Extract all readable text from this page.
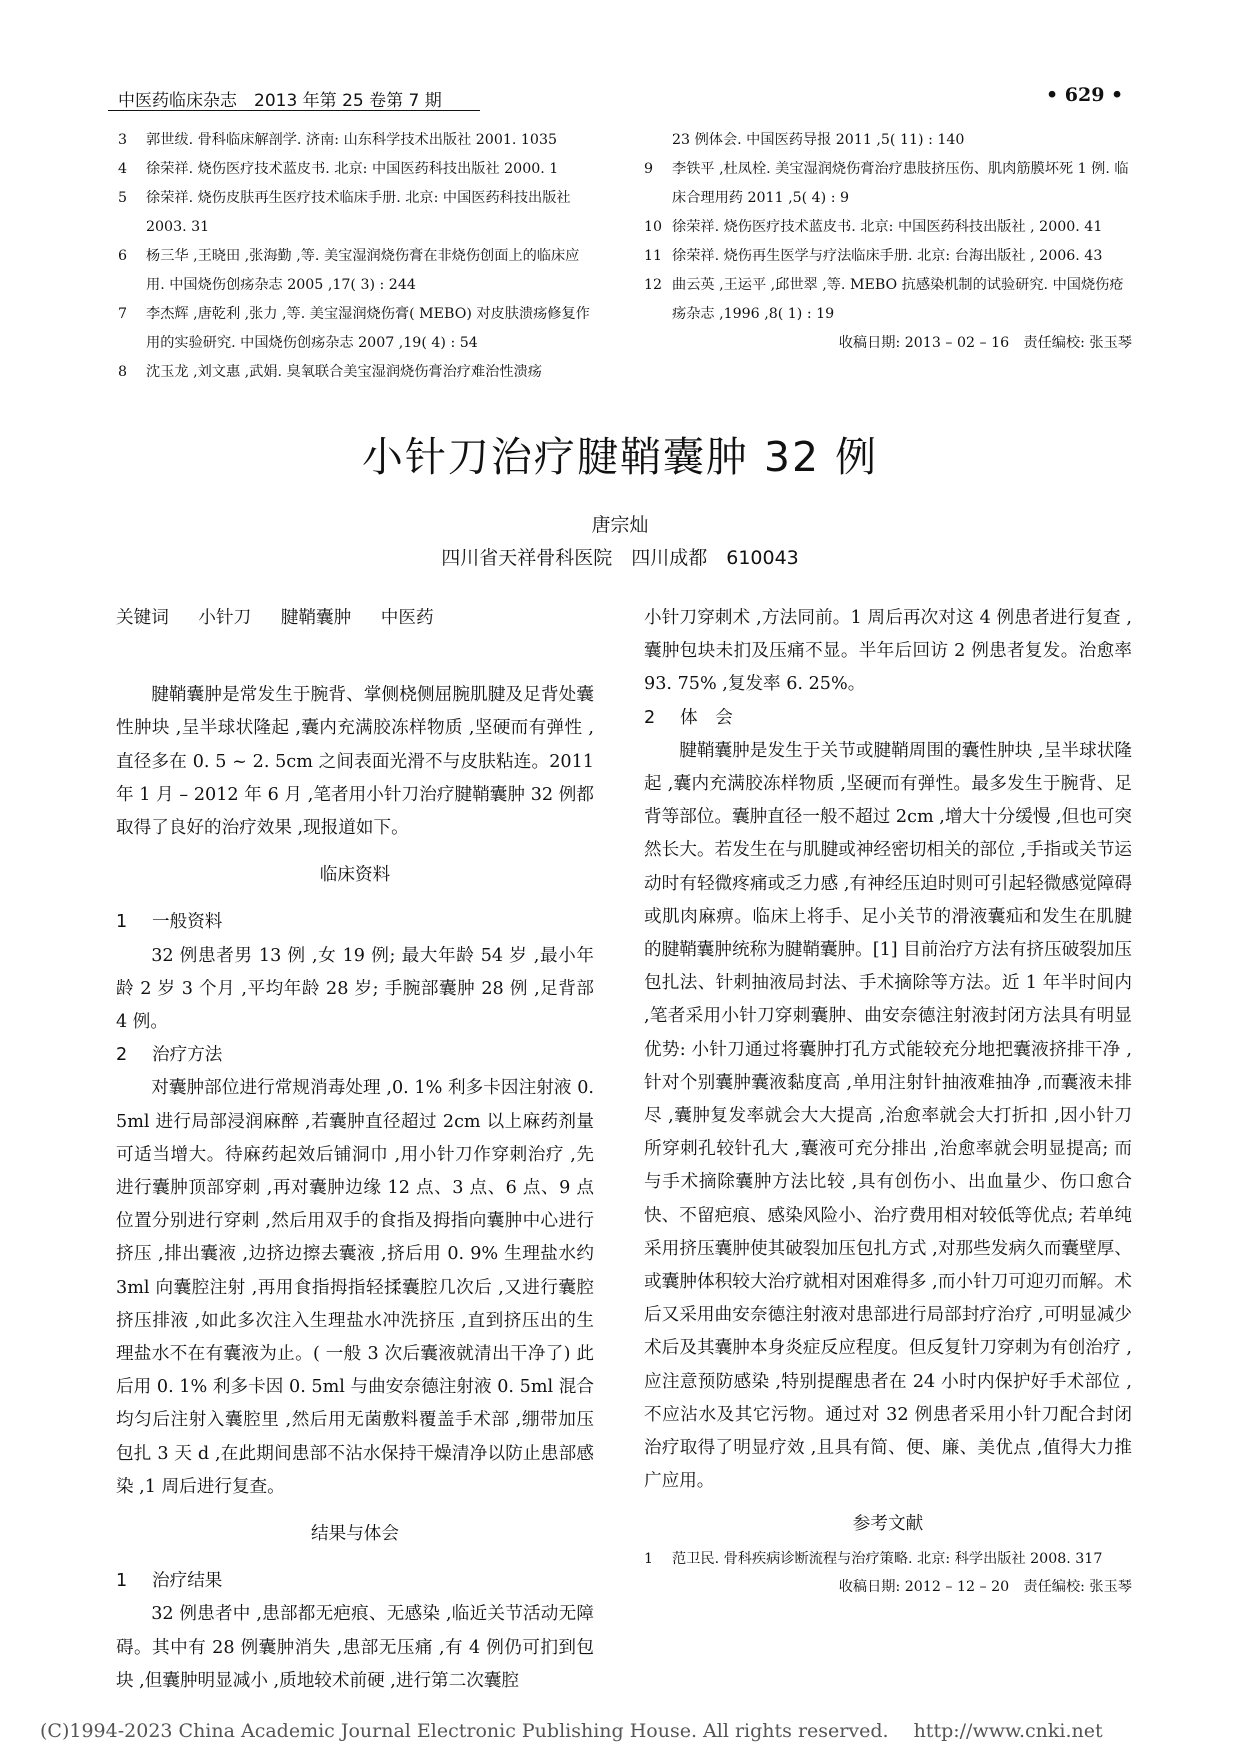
中医药临床杂志　2013 年第 25 卷第 7 期	• 629 •
3	郭世绂. 骨科临床解剖学. 济南: 山东科学技术出版社 2001. 1035
4	徐荣祥. 烧伤医疗技术蓝皮书. 北京: 中国医药科技出版社 2000. 1
5	徐荣祥. 烧伤皮肤再生医疗技术临床手册. 北京: 中国医药科技出版社 2003. 31
6	杨三华 ,王晓田 ,张海勤 ,等. 美宝湿润烧伤膏在非烧伤创面上的临床应用. 中国烧伤创疡杂志 2005 ,17( 3) : 244
7	李杰辉 ,唐乾利 ,张力 ,等. 美宝湿润烧伤膏( MEBO) 对皮肤溃疡修复作用的实验研究. 中国烧伤创疡杂志 2007 ,19( 4) : 54
8	沈玉龙 ,刘文惠 ,武娟. 臭氧联合美宝湿润烧伤膏治疗难治性溃疡
23 例体会. 中国医药导报 2011 ,5( 11) : 140
9	李铁平 ,杜凤栓. 美宝湿润烧伤膏治疗患肢挤压伤、肌肉筋膜坏死 1 例. 临床合理用药 2011 ,5( 4) : 9
10 徐荣祥. 烧伤医疗技术蓝皮书. 北京: 中国医药科技出版社 , 2000. 41
11 徐荣祥. 烧伤再生医学与疗法临床手册. 北京: 台海出版社 , 2006. 43
12 曲云英 ,王运平 ,邱世翠 ,等. MEBO 抗感染机制的试验研究. 中国烧伤疮疡杂志 ,1996 ,8( 1) : 19
收稿日期: 2013 – 02 – 16　责任编校: 张玉琴
小针刀治疗腱鞘囊肿 32 例
唐宗灿
四川省天祥骨科医院　四川成都　610043
关键词 小针刀 腱鞘囊肿 中医药

腱鞘囊肿是常发生于腕背、掌侧桡侧屈腕肌腱及足背处囊性肿块 ,呈半球状隆起 ,囊内充满胶冻样物质 ,坚硬而有弹性 ,直径多在 0. 5 ~ 2. 5cm 之间表面光滑不与皮肤粘连。2011 年 1 月 – 2012 年 6 月 ,笔者用小针刀治疗腱鞘囊肿 32 例都取得了良好的治疗效果 ,现报道如下。

临床资料
1 一般资料

32 例患者男 13 例 ,女 19 例; 最大年龄 54 岁 ,最小年龄 2 岁 3 个月 ,平均年龄 28 岁; 手腕部囊肿 28 例 ,足背部 4 例。

2 治疗方法

对囊肿部位进行常规消毒处理 ,0. 1% 利多卡因注射液 0. 5ml 进行局部浸润麻醉 ,若囊肿直径超过 2cm 以上麻药剂量可适当增大。待麻药起效后铺洞巾 ,用小针刀作穿刺治疗 ,先进行囊肿顶部穿刺 ,再对囊肿边缘 12 点、3 点、6 点、9 点位置分别进行穿刺 ,然后用双手的食指及拇指向囊肿中心进行挤压 ,排出囊液 ,边挤边擦去囊液 ,挤后用 0. 9% 生理盐水约 3ml 向囊腔注射 ,再用食指拇指轻揉囊腔几次后 ,又进行囊腔挤压排液 ,如此多次注入生理盐水冲洗挤压 ,直到挤压出的生理盐水不在有囊液为止。( 一般 3 次后囊液就清出干净了) 此后用 0. 1% 利多卡因 0. 5ml 与曲安奈德注射液 0. 5ml 混合均匀后注射入囊腔里 ,然后用无菌敷料覆盖手术部 ,绷带加压包扎 3 天 d ,在此期间患部不沾水保持干燥清净以防止患部感染 ,1 周后进行复查。

结果与体会
1 治疗结果

32 例患者中 ,患部都无疤痕、无感染 ,临近关节活动无障碍。其中有 28 例囊肿消失 ,患部无压痛 ,有 4 例仍可扪到包块 ,但囊肿明显减小 ,质地较术前硬 ,进行第二次囊腔

小针刀穿刺术 ,方法同前。1 周后再次对这 4 例患者进行复查 ,囊肿包块未扪及压痛不显。半年后回访 2 例患者复发。治愈率 93. 75% ,复发率 6. 25%。

2 体　会

腱鞘囊肿是发生于关节或腱鞘周围的囊性肿块 ,呈半球状隆起 ,囊内充满胶冻样物质 ,坚硬而有弹性。最多发生于腕背、足背等部位。囊肿直径一般不超过 2cm ,增大十分缓慢 ,但也可突然长大。若发生在与肌腱或神经密切相关的部位 ,手指或关节运动时有轻微疼痛或乏力感 ,有神经压迫时则可引起轻微感觉障碍或肌肉麻痹。临床上将手、足小关节的滑液囊疝和发生在肌腱的腱鞘囊肿统称为腱鞘囊肿。[1] 目前治疗方法有挤压破裂加压包扎法、针刺抽液局封法、手术摘除等方法。近 1 年半时间内 ,笔者采用小针刀穿刺囊肿、曲安奈德注射液封闭方法具有明显优势: 小针刀通过将囊肿打孔方式能较充分地把囊液挤排干净 ,针对个别囊肿囊液黏度高 ,单用注射针抽液难抽净 ,而囊液未排尽 ,囊肿复发率就会大大提高 ,治愈率就会大打折扣 ,因小针刀所穿刺孔较针孔大 ,囊液可充分排出 ,治愈率就会明显提高; 而与手术摘除囊肿方法比较 ,具有创伤小、出血量少、伤口愈合快、不留疤痕、感染风险小、治疗费用相对较低等优点; 若单纯采用挤压囊肿使其破裂加压包扎方式 ,对那些发病久而囊壁厚、或囊肿体积较大治疗就相对困难得多 ,而小针刀可迎刃而解。术后又采用曲安奈德注射液对患部进行局部封疗治疗 ,可明显减少术后及其囊肿本身炎症反应程度。但反复针刀穿刺为有创治疗 ,应注意预防感染 ,特别提醒患者在 24 小时内保护好手术部位 ,不应沾水及其它污物。通过对 32 例患者采用小针刀配合封闭治疗取得了明显疗效 ,且具有简、便、廉、美优点 ,值得大力推广应用。

参考文献
1	范卫民. 骨科疾病诊断流程与治疗策略. 北京: 科学出版社 2008. 317
收稿日期: 2012 – 12 – 20　责任编校: 张玉琴
(C)1994-2023 China Academic Journal Electronic Publishing House. All rights reserved.　 http://www.cnki.net
